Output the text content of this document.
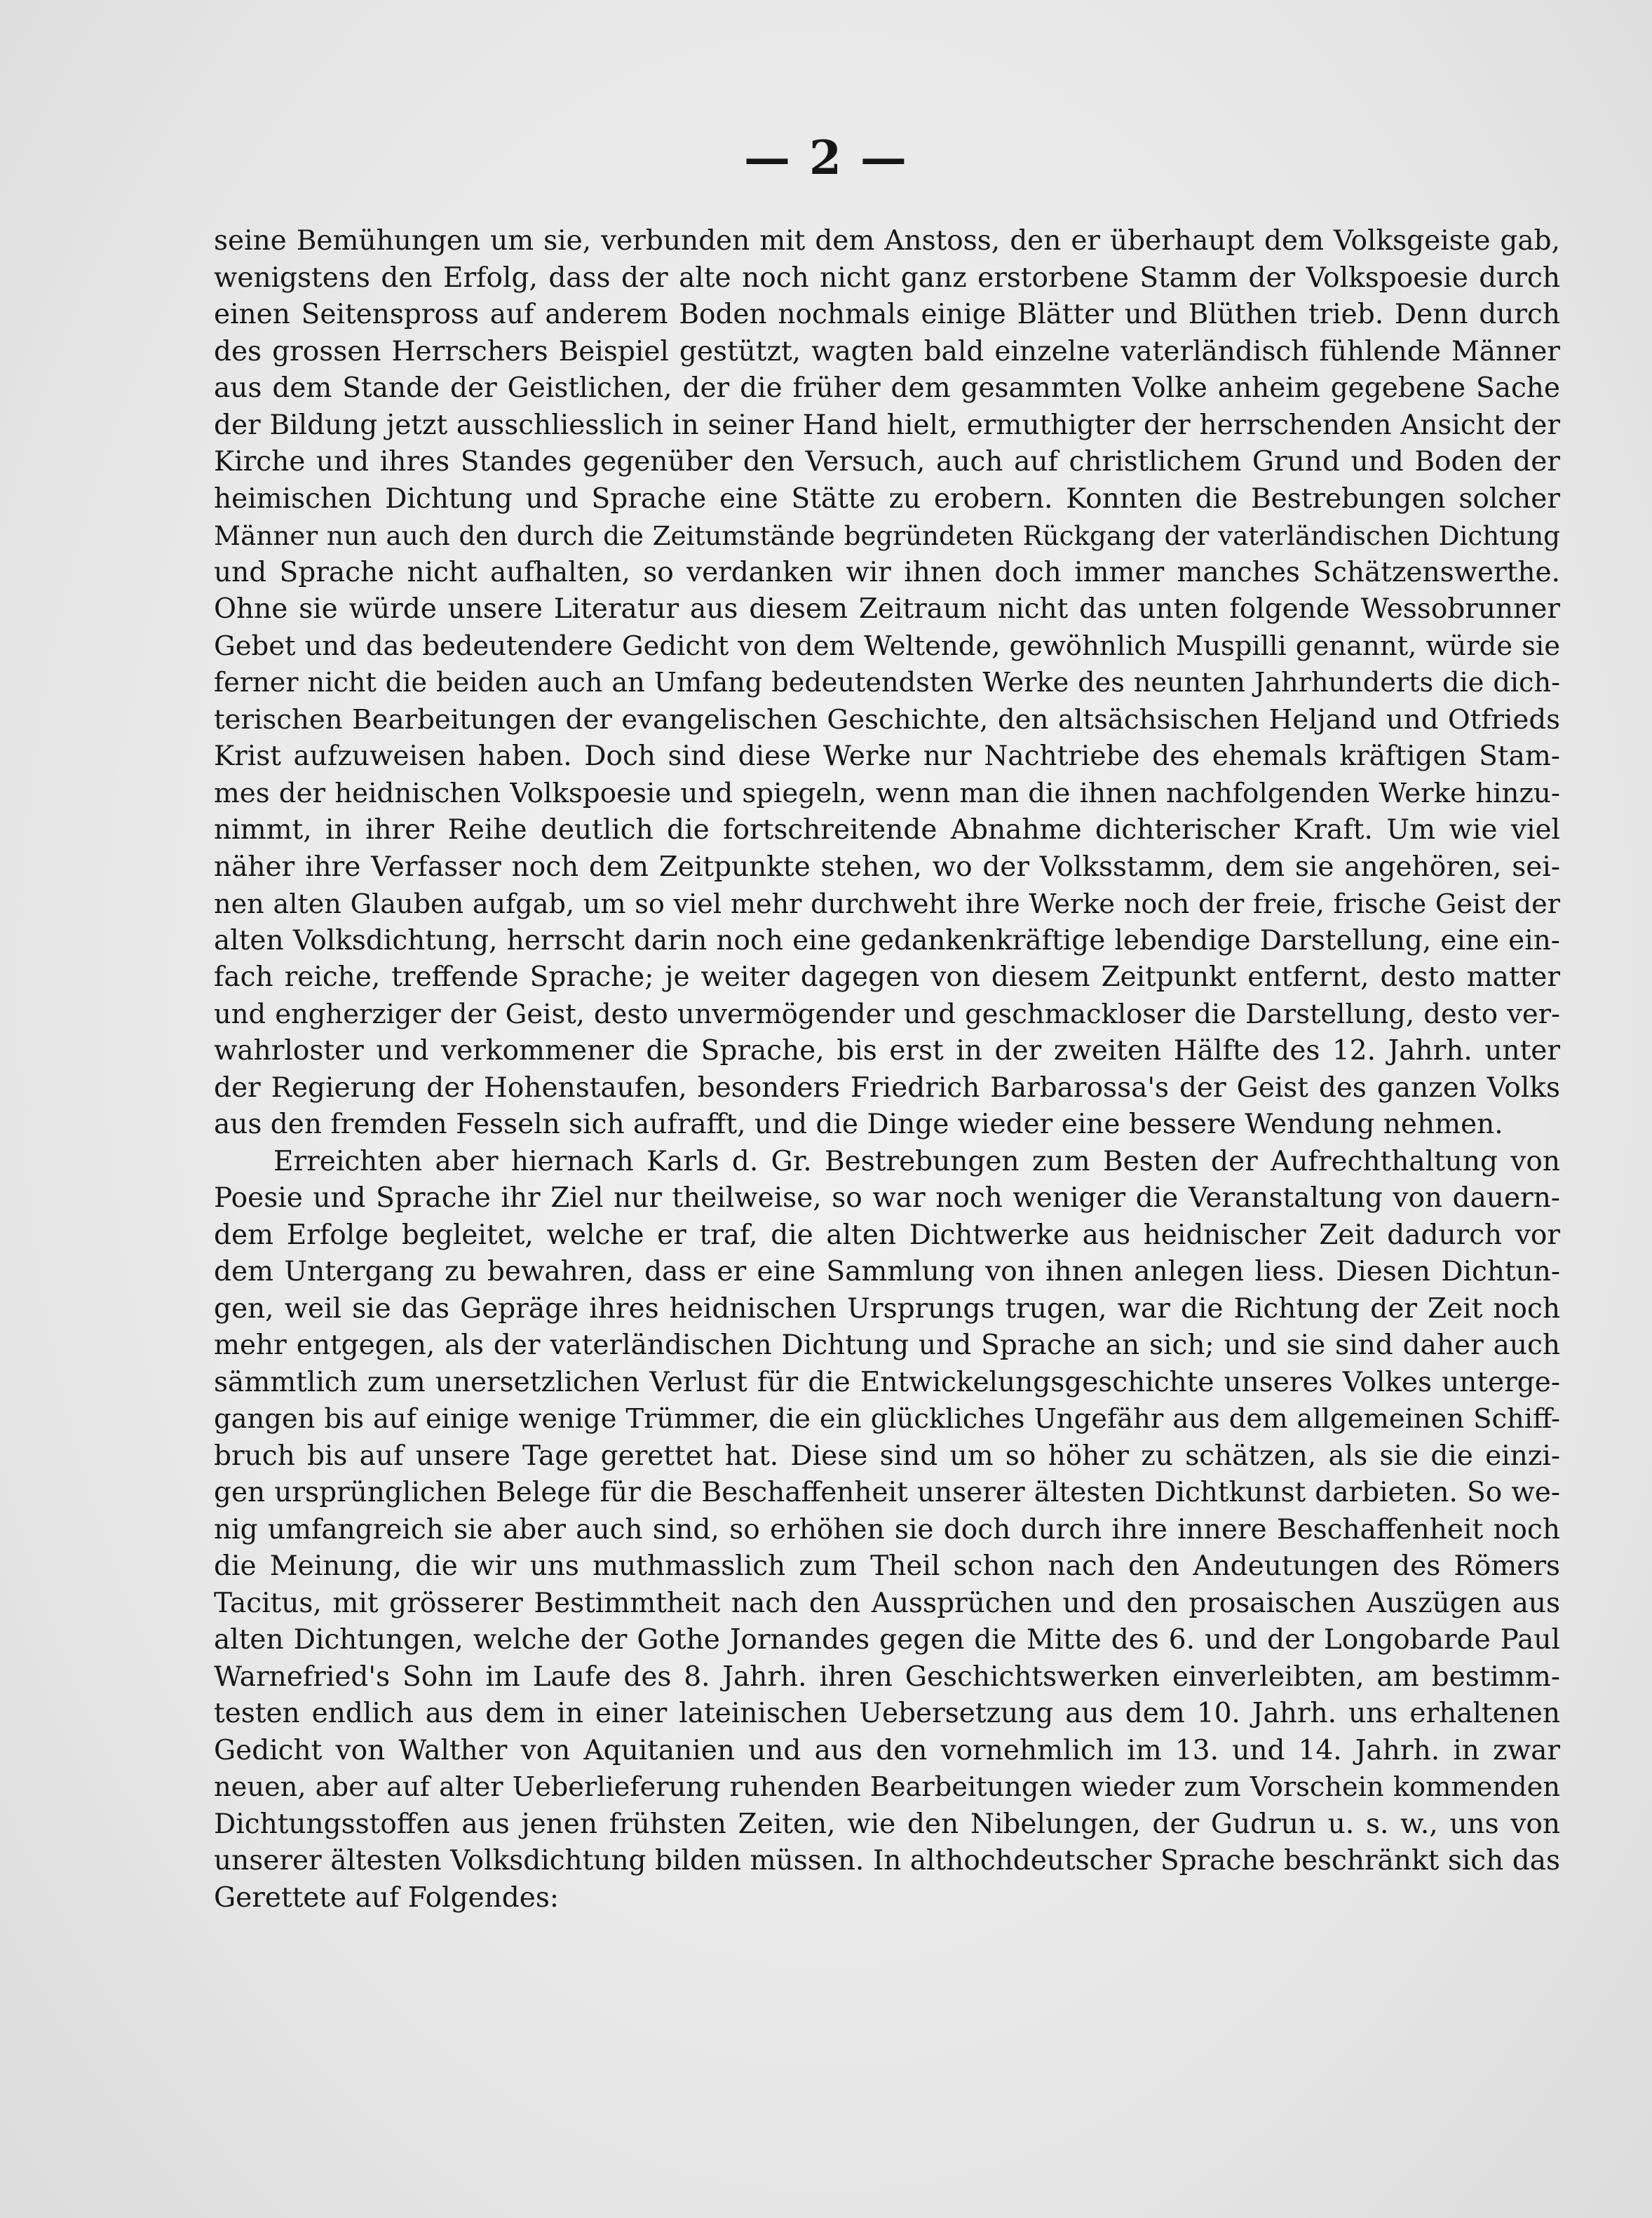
— 2 —
seine Bemühungen um sie, verbunden mit dem Anstoss, den er überhaupt dem Volksgeiste gab,
wenigstens den Erfolg, dass der alte noch nicht ganz erstorbene Stamm der Volkspoesie durch
einen Seitenspross auf anderem Boden nochmals einige Blätter und Blüthen trieb. Denn durch
des grossen Herrschers Beispiel gestützt, wagten bald einzelne vaterländisch fühlende Männer
aus dem Stande der Geistlichen, der die früher dem gesammten Volke anheim gegebene Sache
der Bildung jetzt ausschliesslich in seiner Hand hielt, ermuthigter der herrschenden Ansicht der
Kirche und ihres Standes gegenüber den Versuch, auch auf christlichem Grund und Boden der
heimischen Dichtung und Sprache eine Stätte zu erobern. Konnten die Bestrebungen solcher
Männer nun auch den durch die Zeitumstände begründeten Rückgang der vaterländischen Dichtung
und Sprache nicht aufhalten, so verdanken wir ihnen doch immer manches Schätzenswerthe.
Ohne sie würde unsere Literatur aus diesem Zeitraum nicht das unten folgende Wessobrunner
Gebet und das bedeutendere Gedicht von dem Weltende, gewöhnlich Muspilli genannt, würde sie
ferner nicht die beiden auch an Umfang bedeutendsten Werke des neunten Jahrhunderts die dich-
terischen Bearbeitungen der evangelischen Geschichte, den altsächsischen Heljand und Otfrieds
Krist aufzuweisen haben. Doch sind diese Werke nur Nachtriebe des ehemals kräftigen Stam-
mes der heidnischen Volkspoesie und spiegeln, wenn man die ihnen nachfolgenden Werke hinzu-
nimmt, in ihrer Reihe deutlich die fortschreitende Abnahme dichterischer Kraft. Um wie viel
näher ihre Verfasser noch dem Zeitpunkte stehen, wo der Volksstamm, dem sie angehören, sei-
nen alten Glauben aufgab, um so viel mehr durchweht ihre Werke noch der freie, frische Geist der
alten Volksdichtung, herrscht darin noch eine gedankenkräftige lebendige Darstellung, eine ein-
fach reiche, treffende Sprache; je weiter dagegen von diesem Zeitpunkt entfernt, desto matter
und engherziger der Geist, desto unvermögender und geschmackloser die Darstellung, desto ver-
wahrloster und verkommener die Sprache, bis erst in der zweiten Hälfte des 12. Jahrh. unter
der Regierung der Hohenstaufen, besonders Friedrich Barbarossa's der Geist des ganzen Volks
aus den fremden Fesseln sich aufrafft, und die Dinge wieder eine bessere Wendung nehmen.
Erreichten aber hiernach Karls d. Gr. Bestrebungen zum Besten der Aufrechthaltung von
Poesie und Sprache ihr Ziel nur theilweise, so war noch weniger die Veranstaltung von dauern-
dem Erfolge begleitet, welche er traf, die alten Dichtwerke aus heidnischer Zeit dadurch vor
dem Untergang zu bewahren, dass er eine Sammlung von ihnen anlegen liess. Diesen Dichtun-
gen, weil sie das Gepräge ihres heidnischen Ursprungs trugen, war die Richtung der Zeit noch
mehr entgegen, als der vaterländischen Dichtung und Sprache an sich; und sie sind daher auch
sämmtlich zum unersetzlichen Verlust für die Entwickelungsgeschichte unseres Volkes unterge-
gangen bis auf einige wenige Trümmer, die ein glückliches Ungefähr aus dem allgemeinen Schiff-
bruch bis auf unsere Tage gerettet hat. Diese sind um so höher zu schätzen, als sie die einzi-
gen ursprünglichen Belege für die Beschaffenheit unserer ältesten Dichtkunst darbieten. So we-
nig umfangreich sie aber auch sind, so erhöhen sie doch durch ihre innere Beschaffenheit noch
die Meinung, die wir uns muthmasslich zum Theil schon nach den Andeutungen des Römers
Tacitus, mit grösserer Bestimmtheit nach den Aussprüchen und den prosaischen Auszügen aus
alten Dichtungen, welche der Gothe Jornandes gegen die Mitte des 6. und der Longobarde Paul
Warnefried's Sohn im Laufe des 8. Jahrh. ihren Geschichtswerken einverleibten, am bestimm-
testen endlich aus dem in einer lateinischen Uebersetzung aus dem 10. Jahrh. uns erhaltenen
Gedicht von Walther von Aquitanien und aus den vornehmlich im 13. und 14. Jahrh. in zwar
neuen, aber auf alter Ueberlieferung ruhenden Bearbeitungen wieder zum Vorschein kommenden
Dichtungsstoffen aus jenen frühsten Zeiten, wie den Nibelungen, der Gudrun u. s. w., uns von
unserer ältesten Volksdichtung bilden müssen. In althochdeutscher Sprache beschränkt sich das
Gerettete auf Folgendes:
